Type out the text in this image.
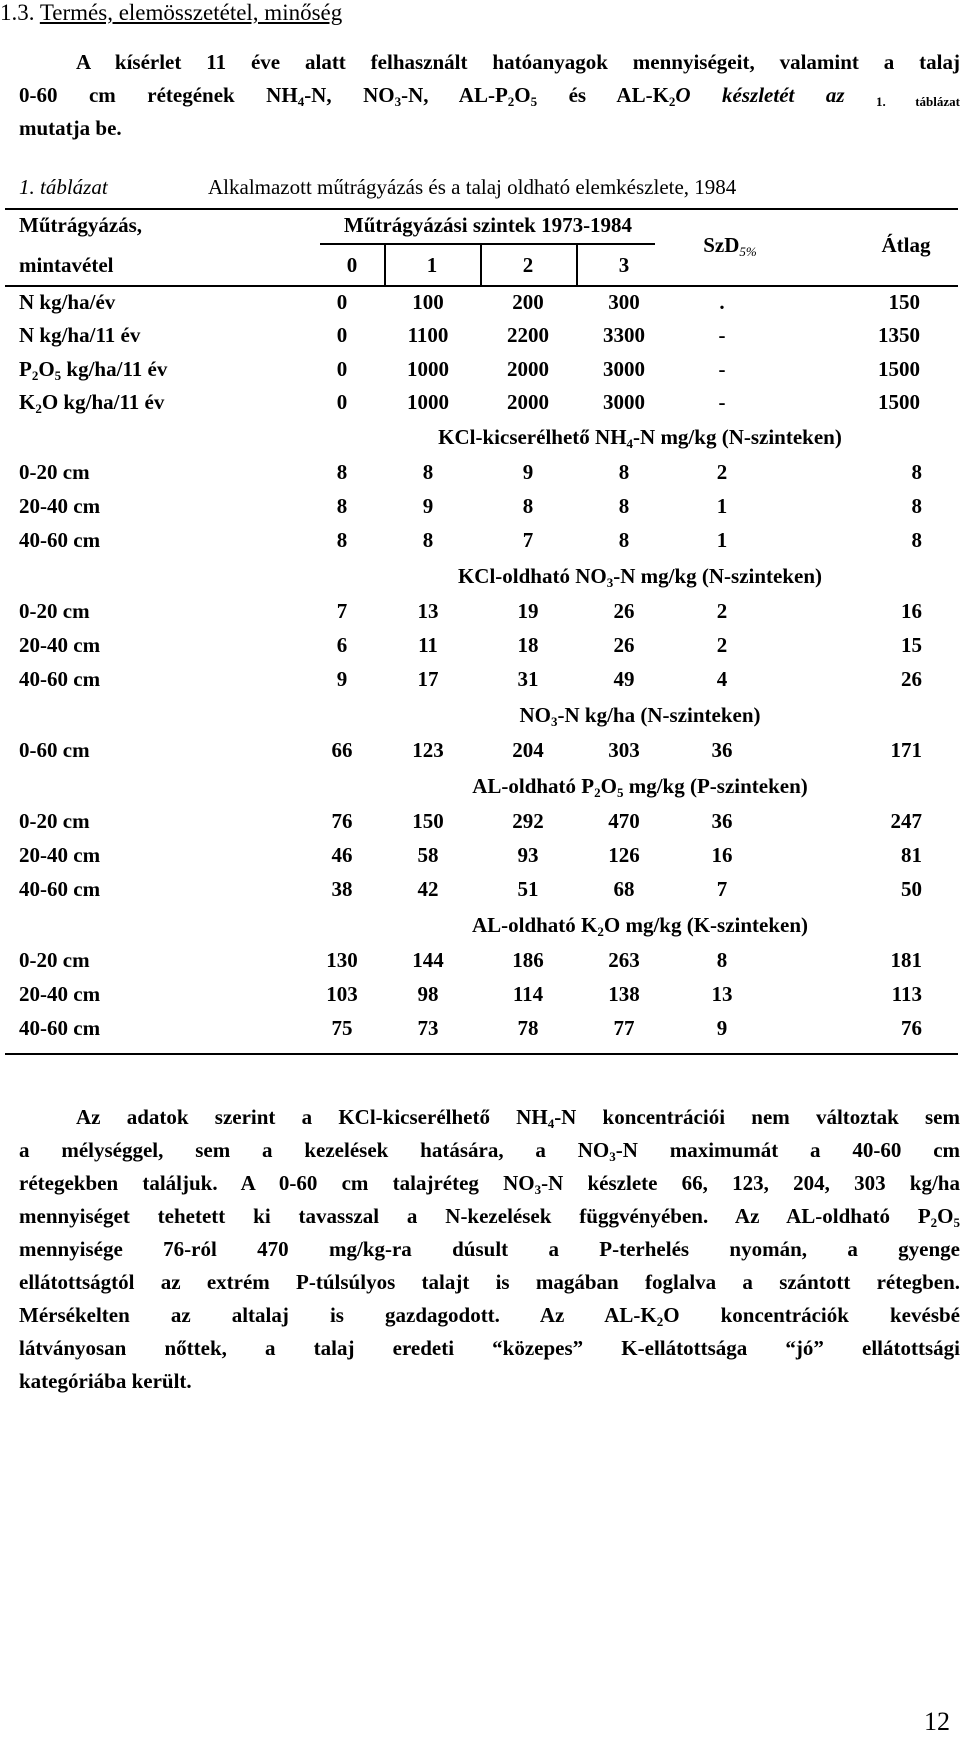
1.3. Termés, elemösszetétel, minőség
A kísérlet 11 éve alatt felhasznált hatóanyagok mennyiségeit, valamint a talaj
0-60 cm rétegének $NH_4-N$, $NO_3-N$, $AL-P_2O_5$ és $AL-K_2O$ készletét az $_{1. táblázat}$
mutatja be.
1. táblázat	Alkalmazott műtrágyázás és a talaj oldható elemkészlete, 1984
Műtrágyázás,
mintavétel
Műtrágyázási szintek 1973-1984
0	1	2	3
SzD$_{5\%}$	Átlag
N kg/ha/év	0	100	200	300	.	150
N kg/ha/11 év	0	1100	2200	3300	-	1350
$P_2O_5$ kg/ha/11 év	0	1000	2000	3000	-	1500
$K_2O$ kg/ha/11 év	0	1000	2000	3000	-	1500
KCl-kicserélhető $NH_4-N$ mg/kg (N-szinteken)
0-20 cm	8	8	9	8	2	8
20-40 cm	8	9	8	8	1	8
40-60 cm	8	8	7	8	1	8
KCl-oldható $NO_3-N$ mg/kg (N-szinteken)
0-20 cm	7	13	19	26	2	16
20-40 cm	6	11	18	26	2	15
40-60 cm	9	17	31	49	4	26
$NO_3-N$ kg/ha (N-szinteken)
0-60 cm	66	123	204	303	36	171
AL-oldható $P_2O_5$ mg/kg (P-szinteken)
0-20 cm	76	150	292	470	36	247
20-40 cm	46	58	93	126	16	81
40-60 cm	38	42	51	68	7	50
AL-oldható $K_2O$ mg/kg (K-szinteken)
0-20 cm	130	144	186	263	8	181
20-40 cm	103	98	114	138	13	113
40-60 cm	75	73	78	77	9	76
Az adatok szerint a KCl-kicserélhető $NH_4-N$ koncentrációi nem változtak sem
a mélységgel, sem a kezelések hatására, a $NO_3-N$ maximumát a 40-60 cm
rétegekben találjuk. A 0-60 cm talajréteg $NO_3-N$ készlete 66, 123, 204, 303 kg/ha
mennyiséget tehetett ki tavasszal a N-kezelések függvényében. Az AL-oldható $P_2O_5$
mennyisége 76-ról 470 mg/kg-ra dúsult a P-terhelés nyomán, a gyenge
ellátottságtól az extrém P-túlsúlyos talajt is magában foglalva a szántott rétegben.
Mérsékelten az altalaj is gazdagodott. Az $AL-K_2O$ koncentrációk kevésbé
látványosan nőttek, a talaj eredeti “közepes” K-ellátottsága “jó” ellátottsági
kategóriába került.
12
